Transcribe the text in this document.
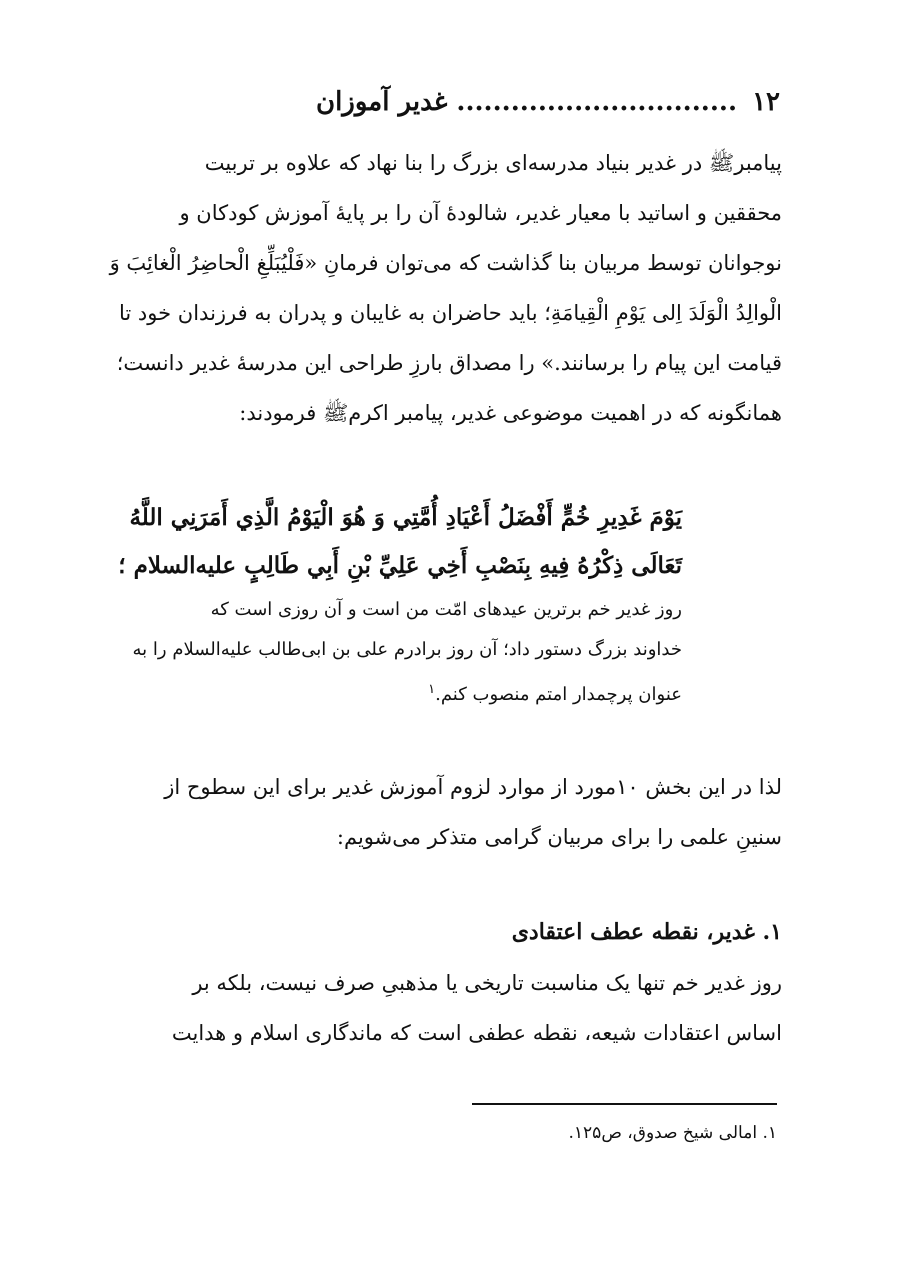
۱۲ ............................... غدیر آموزان
پیامبرﷺ در غدیر بنیاد مدرسه‌ای بزرگ را بنا نهاد که علاوه بر تربیت
محققین و اساتید با معیار غدیر، شالودهٔ آن را بر پایهٔ آموزش کودکان و
نوجوانان توسط مربیان بنا گذاشت که می‌توان فرمانِ «فَلْيُبَلِّغِ الْحاضِرُ الْغائِبَ وَ
الْوالِدُ الْوَلَدَ اِلى يَوْمِ الْقِيامَةِ؛ باید حاضران به غایبان و پدران به فرزندان خود تا
قیامت این پیام را برسانند.» را مصداق بارزِ طراحی این مدرسهٔ غدیر دانست؛
همانگونه که در اهمیت موضوعی غدیر، پیامبر اکرمﷺ فرمودند:
يَوْمَ غَدِيرِ خُمٍّ أَفْضَلُ أَعْيَادِ أُمَّتِي وَ هُوَ الْيَوْمُ الَّذِي أَمَرَنِي اللَّهُ
تَعَالَى ذِكْرُهُ فِيهِ بِنَصْبِ أَخِي عَلِيِّ بْنِ أَبِي طَالِبٍ عليه‌السلام ؛
روز غدیر خم برترین عیدهای امّت من است و آن روزی است که
خداوند بزرگ دستور داد؛ آن روز برادرم علی بن ابی‌طالب عليه‌السلام را به
عنوان پرچمدار امتم منصوب کنم.$^۱$
لذا در این بخش ۱۰مورد از موارد لزوم آموزش غدیر برای این سطوح از
سنینِ علمی را برای مربیان گرامی متذکر می‌شویم:
۱. غدیر، نقطه عطف اعتقادی
روز غدیر خم تنها یک مناسبت تاریخی یا مذهبیِ صرف نیست، بلکه بر
اساس اعتقادات شیعه، نقطه عطفی است که ماندگاری اسلام و هدایت
۱. امالی شیخ صدوق، ص۱۲۵.
